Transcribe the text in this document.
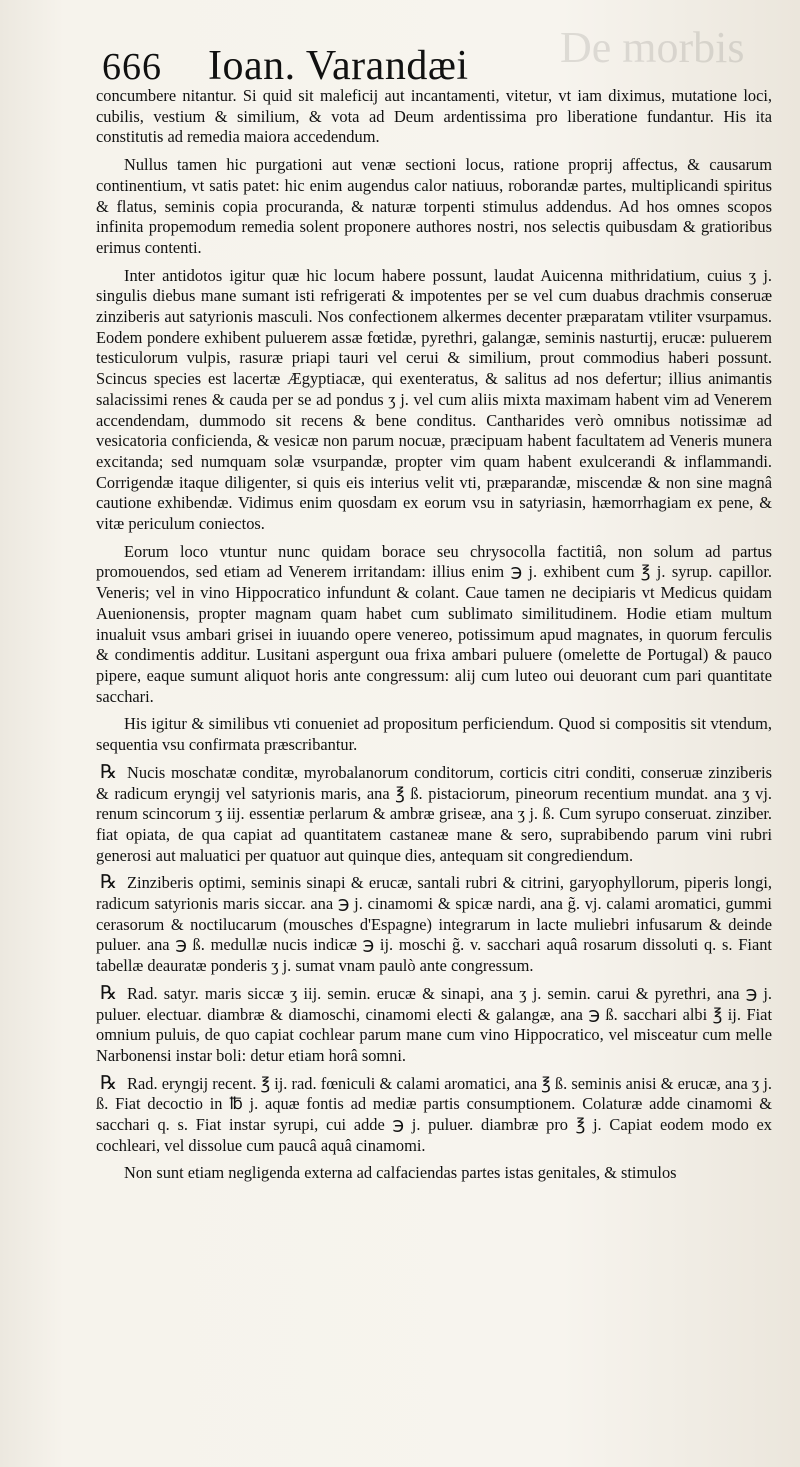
De morbis
666 Ioan. Varandæi

concumbere nitantur. Si quid sit maleficij aut incantamenti, vitetur, vt iam diximus, mutatione loci, cubilis, vestium & similium, & vota ad Deum ardentissima pro liberatione fundantur. His ita constitutis ad remedia maiora accedendum.

Nullus tamen hic purgationi aut venæ sectioni locus, ratione proprij affectus, & causarum continentium, vt satis patet: hic enim augendus calor natiuus, roborandæ partes, multiplicandi spiritus & flatus, seminis copia procuranda, & naturæ torpenti stimulus addendus. Ad hos omnes scopos infinita propemodum remedia solent proponere authores nostri, nos selectis quibusdam & gratioribus erimus contenti.

Inter antidotos igitur quæ hic locum habere possunt, laudat Auicenna mithridatium, cuius ʒ j. singulis diebus mane sumant isti refrigerati & impotentes per se vel cum duabus drachmis conseruæ zinziberis aut satyrionis masculi. Nos confectionem alkermes decenter præparatam vtiliter vsurpamus. Eodem pondere exhibent puluerem assæ fœtidæ, pyrethri, galangæ, seminis nasturtij, erucæ: puluerem testiculorum vulpis, rasuræ priapi tauri vel cerui & similium, prout commodius haberi possunt. Scincus species est lacertæ Ægyptiacæ, qui exenteratus, & salitus ad nos defertur; illius animantis salacissimi renes & cauda per se ad pondus ʒ j. vel cum aliis mixta maximam habent vim ad Venerem accendendam, dummodo sit recens & bene conditus. Cantharides verò omnibus notissimæ ad vesicatoria conficienda, & vesicæ non parum nocuæ, præcipuam habent facultatem ad Veneris munera excitanda; sed numquam solæ vsurpandæ, propter vim quam habent exulcerandi & inflammandi. Corrigendæ itaque diligenter, si quis eis interius velit vti, præparandæ, miscendæ & non sine magnâ cautione exhibendæ. Vidimus enim quosdam ex eorum vsu in satyriasin, hæmorrhagiam ex pene, & vitæ periculum coniectos.

Eorum loco vtuntur nunc quidam borace seu chrysocolla factitiâ, non solum ad partus promouendos, sed etiam ad Venerem irritandam: illius enim ℈ j. exhibent cum ℥ j. syrup. capillor. Veneris; vel in vino Hippocratico infundunt & colant. Caue tamen ne decipiaris vt Medicus quidam Auenionensis, propter magnam quam habet cum sublimato similitudinem. Hodie etiam multum inualuit vsus ambari grisei in iuuando opere venereo, potissimum apud magnates, in quorum ferculis & condimentis additur. Lusitani aspergunt oua frixa ambari puluere (omelette de Portugal) & pauco pipere, eaque sumunt aliquot horis ante congressum: alij cum luteo oui deuorant cum pari quantitate sacchari.

His igitur & similibus vti conueniet ad propositum perficiendum. Quod si compositis sit vtendum, sequentia vsu confirmata præscribantur.

℞ Nucis moschatæ conditæ, myrobalanorum conditorum, corticis citri conditi, conseruæ zinziberis & radicum eryngij vel satyrionis maris, ana ℥ ß. pistaciorum, pineorum recentium mundat. ana ʒ vj. renum scincorum ʒ iij. essentiæ perlarum & ambræ griseæ, ana ʒ j. ß. Cum syrupo conseruat. zinziber. fiat opiata, de qua capiat ad quantitatem castaneæ mane & sero, suprabibendo parum vini rubri generosi aut maluatici per quatuor aut quinque dies, antequam sit congrediendum.

℞ Zinziberis optimi, seminis sinapi & erucæ, santali rubri & citrini, garyophyllorum, piperis longi, radicum satyrionis maris siccar. ana ℈ j. cinamomi & spicæ nardi, ana g̃. vj. calami aromatici, gummi cerasorum & noctilucarum (mousches d'Espagne) integrarum in lacte muliebri infusarum & deinde puluer. ana ℈ ß. medullæ nucis indicæ ℈ ij. moschi g̃. v. sacchari aquâ rosarum dissoluti q. s. Fiant tabellæ deauratæ ponderis ʒ j. sumat vnam paulò ante congressum.

℞ Rad. satyr. maris siccæ ʒ iij. semin. erucæ & sinapi, ana ʒ j. semin. carui & pyrethri, ana ℈ j. puluer. electuar. diambræ & diamoschi, cinamomi electi & galangæ, ana ℈ ß. sacchari albi ℥ ij. Fiat omnium puluis, de quo capiat cochlear parum mane cum vino Hippocratico, vel misceatur cum melle Narbonensi instar boli: detur etiam horâ somni.

℞ Rad. eryngij recent. ℥ ij. rad. fœniculi & calami aromatici, ana ℥ ß. seminis anisi & erucæ, ana ʒ j. ß. Fiat decoctio in ℔ j. aquæ fontis ad mediæ partis consumptionem. Colaturæ adde cinamomi & sacchari q. s. Fiat instar syrupi, cui adde ℈ j. puluer. diambræ pro ℥ j. Capiat eodem modo ex cochleari, vel dissolue cum paucâ aquâ cinamomi.

Non sunt etiam negligenda externa ad calfaciendas partes istas genitales, & stimulos
